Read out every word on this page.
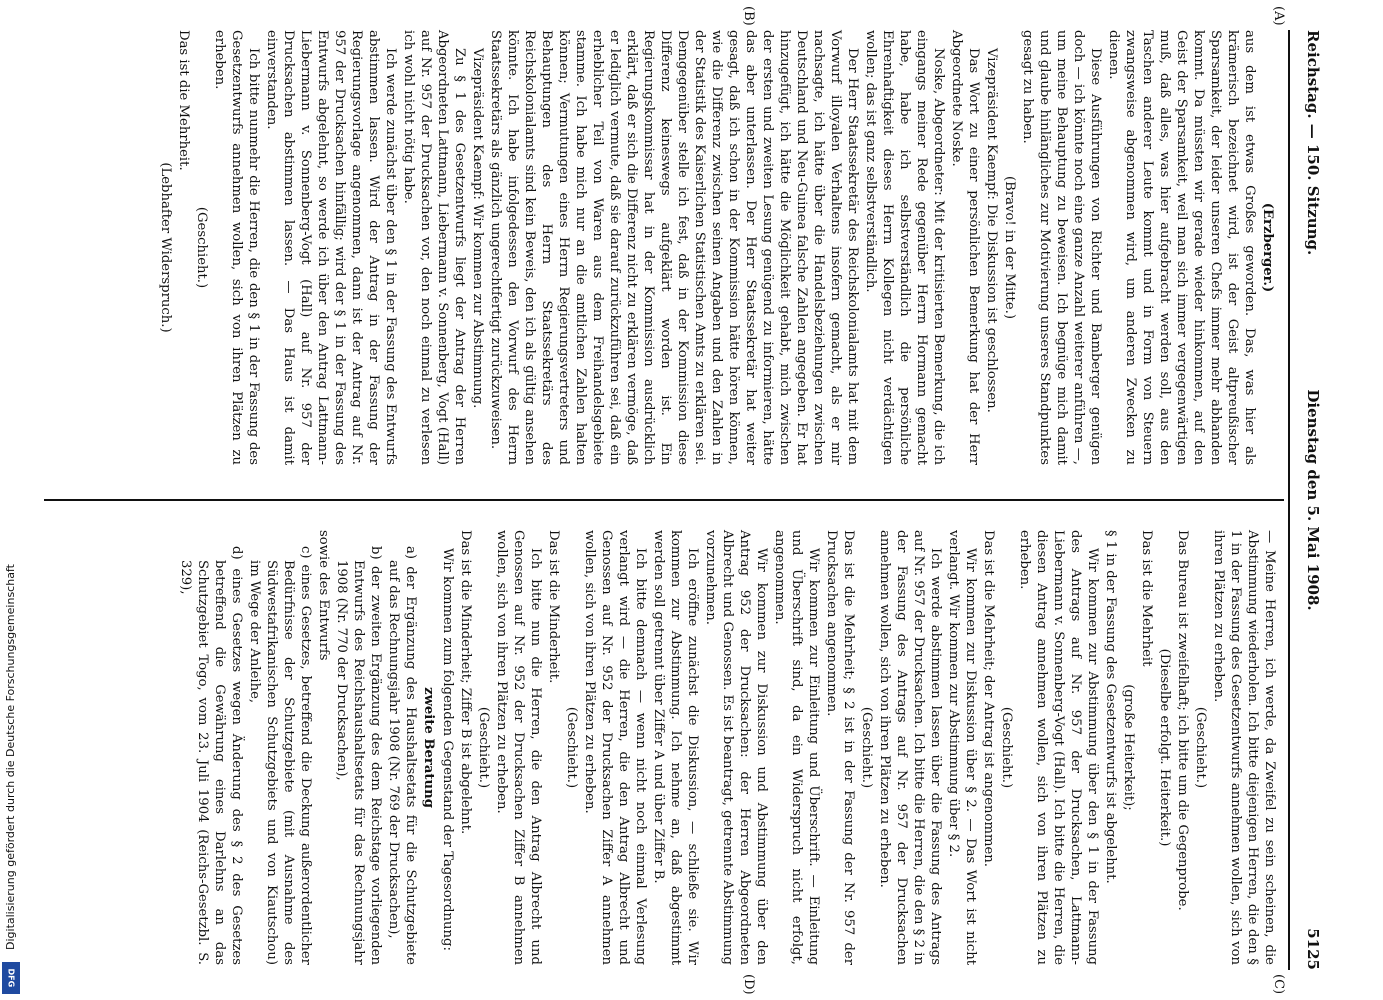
Reichstag. — 150. Sitzung.
Dienstag den 5. Mai 1908.
5125
(A)
(B)
(C)
(D)

(Erzberger.)

aus dem ist etwas Großes geworden. Das, was hier als krämerisch bezeichnet wird, ist der Geist altpreußischer Sparsamkeit, der leider unseren Chefs immer mehr abhanden kommt. Da müssten wir gerade wieder hinkommen, auf den Geist der Sparsamkeit, weil man sich immer vergegenwärtigen muß, daß alles, was hier aufgebracht werden soll, aus den Taschen anderer Leute kommt und in Form von Steuern zwangsweise abgenommen wird, um anderen Zwecken zu dienen.

Diese Ausführungen von Richter und Bamberger genügen doch — ich könnte noch eine ganze Anzahl weiterer anführen —, um meine Behauptung zu beweisen. Ich begnüge mich damit und glaube hinlängliches zur Motivierung unseres Standpunktes gesagt zu haben.

(Bravo! in der Mitte.)

Vizepräsident Kaempf: Die Diskussion ist geschlossen.

Das Wort zu einer persönlichen Bemerkung hat der Herr Abgeordnete Noske.

Noske, Abgeordneter: Mit der kritisierten Bemerkung, die ich eingangs meiner Rede gegenüber Herrn Hormann gemacht habe, habe ich selbstverständlich die persönliche Ehrenhaftigkeit dieses Herrn Kollegen nicht verdächtigen wollen; das ist ganz selbstverständlich.

Der Herr Staatssekretär des Reichskolonialamts hat mit dem Vorwurf illoyalen Verhaltens insofern gemacht, als er mir nachsagte, ich hätte über die Handelsbeziehungen zwischen Deutschland und Neu-Guinea falsche Zahlen angegeben. Er hat hinzugefügt, ich hätte die Möglichkeit gehabt, mich zwischen der ersten und zweiten Lesung genügend zu informieren, hätte das aber unterlassen. Der Herr Staatssekretär hat weiter gesagt, daß ich schon in der Kommission hätte hören können, wie die Differenz zwischen seinen Angaben und den Zahlen in der Statistik des Kaiserlichen Statistischen Amts zu erklären sei. Demgegenüber stelle ich fest, daß in der Kommission diese Differenz keineswegs aufgeklärt worden ist. Ein Regierungskommissar hat in der Kommission ausdrücklich erklärt, daß er sich die Differenz nicht zu erklären vermöge, daß er lediglich vermute, daß sie darauf zurückzuführen sei, daß ein erheblicher Teil von Waren aus dem Freihandelsgebiete stamme. Ich habe mich nur an die amtlichen Zahlen halten können; Vermutungen eines Herrn Regierungsvertreters und Behauptungen des Herrn Staatssekretärs des Reichskolonialamts sind kein Beweis, den ich als gültig ansehen könnte. Ich habe infolgedessen den Vorwurf des Herrn Staatssekretärs als gänzlich ungerechtfertigt zurückzuweisen.

Vizepräsident Kaempf: Wir kommen zur Abstimmung.

Zu § 1 des Gesetzentwurfs liegt der Antrag der Herren Abgeordneten Lattmann, Liebermann v. Sonnenberg, Vogt (Hall) auf Nr. 957 der Drucksachen vor, den noch einmal zu verlesen ich wohl nicht nötig habe.

Ich werde zunächst über den § 1 in der Fassung des Entwurfs abstimmen lassen. Wird der Antrag in der Fassung der Regierungsvorlage angenommen, dann ist der Antrag auf Nr. 957 der Drucksachen hinfällig; wird der § 1 in der Fassung des Entwurfs abgelehnt, so werde ich über den Antrag Lattmann-Liebermann v. Sonnenberg-Vogt (Hall) auf Nr. 957 der Drucksachen abstimmen lassen. — Das Haus ist damit einverstanden.

Ich bitte nunmehr die Herren, die den § 1 in der Fassung des Gesetzentwurfs annehmen wollen, sich von ihren Plätzen zu erheben.

(Geschieht.)

Das ist die Mehrheit.

(Lebhafter Widerspruch.)

— Meine Herren, ich werde, da Zweifel zu sein scheinen, die Abstimmung wiederholen. Ich bitte diejenigen Herren, die den § 1 in der Fassung des Gesetzentwurfs annehmen wollen, sich von ihren Plätzen zu erheben.

(Geschieht.)

Das Bureau ist zweifelhaft; ich bitte um die Gegenprobe.

(Dieselbe erfolgt. Heiterkeit.)

Das ist die Mehrheit

(große Heiterkeit);

§ 1 in der Fassung des Gesetzentwurfs ist abgelehnt.

Wir kommen zur Abstimmung über den § 1 in der Fassung des Antrags auf Nr. 957 der Drucksachen, Lattmann-Liebermann v. Sonnenberg-Vogt (Hall). Ich bitte die Herren, die diesen Antrag annehmen wollen, sich von ihren Plätzen zu erheben.

(Geschieht.)

Das ist die Mehrheit; der Antrag ist angenommen.

Wir kommen zur Diskussion über § 2. — Das Wort ist nicht verlangt. Wir kommen zur Abstimmung über § 2.

Ich werde abstimmen lassen über die Fassung des Antrags auf Nr. 957 der Drucksachen. Ich bitte die Herren, die den § 2 in der Fassung des Antrags auf Nr. 957 der Drucksachen annehmen wollen, sich von ihren Plätzen zu erheben.

(Geschieht.)

Das ist die Mehrheit; § 2 ist in der Fassung der Nr. 957 der Drucksachen angenommen.

Wir kommen zur Einleitung und Überschrift. — Einleitung und Überschrift sind, da ein Widerspruch nicht erfolgt, angenommen.

Wir kommen zur Diskussion und Abstimmung über den Antrag 952 der Drucksachen: der Herren Abgeordneten Albrecht und Genossen. Es ist beantragt, getrennte Abstimmung vorzunehmen.

Ich eröffne zunächst die Diskussion, — schließe sie. Wir kommen zur Abstimmung. Ich nehme an, daß abgestimmt werden soll getrennt über Ziffer A und über Ziffer B.

Ich bitte demnach — wenn nicht noch einmal Verlesung verlangt wird — die Herren, die den Antrag Albrecht und Genossen auf Nr. 952 der Drucksachen Ziffer A annehmen wollen, sich von ihren Plätzen zu erheben.

(Geschieht.)

Das ist die Minderheit.

Ich bitte nun die Herren, die den Antrag Albrecht und Genossen auf Nr. 952 der Drucksachen Ziffer B annehmen wollen, sich von ihren Plätzen zu erheben.

(Geschieht.)

Das ist die Minderheit; Ziffer B ist abgelehnt.

Wir kommen zum folgenden Gegenstand der Tagesordnung:

zweite Beratung

a) der Ergänzung des Haushaltsetats für die Schutzgebiete auf das Rechnungsjahr 1908 (Nr. 769 der Drucksachen),

b) der zweiten Ergänzung des dem Reichstage vorliegenden Entwurfs des Reichshaushaltsetats für das Rechnungsjahr 1908 (Nr. 770 der Drucksachen),

sowie des Entwurfs

c) eines Gesetzes, betreffend die Deckung außerordentlicher Bedürfnisse der Schutzgebiete (mit Ausnahme des Südwestafrikanischen Schutzgebiets und von Kiautschou) im Wege der Anleihe,

d) eines Gesetzes wegen Änderung des § 2 des Gesetzes betreffend die Gewährung eines Darlehns an das Schutzgebiet Togo, vom 23. Juli 1904 (Reichs-Gesetzbl. S. 329),

Digitalisierung gefördert durch die Deutsche Forschungsgemeinschaft
DFG
